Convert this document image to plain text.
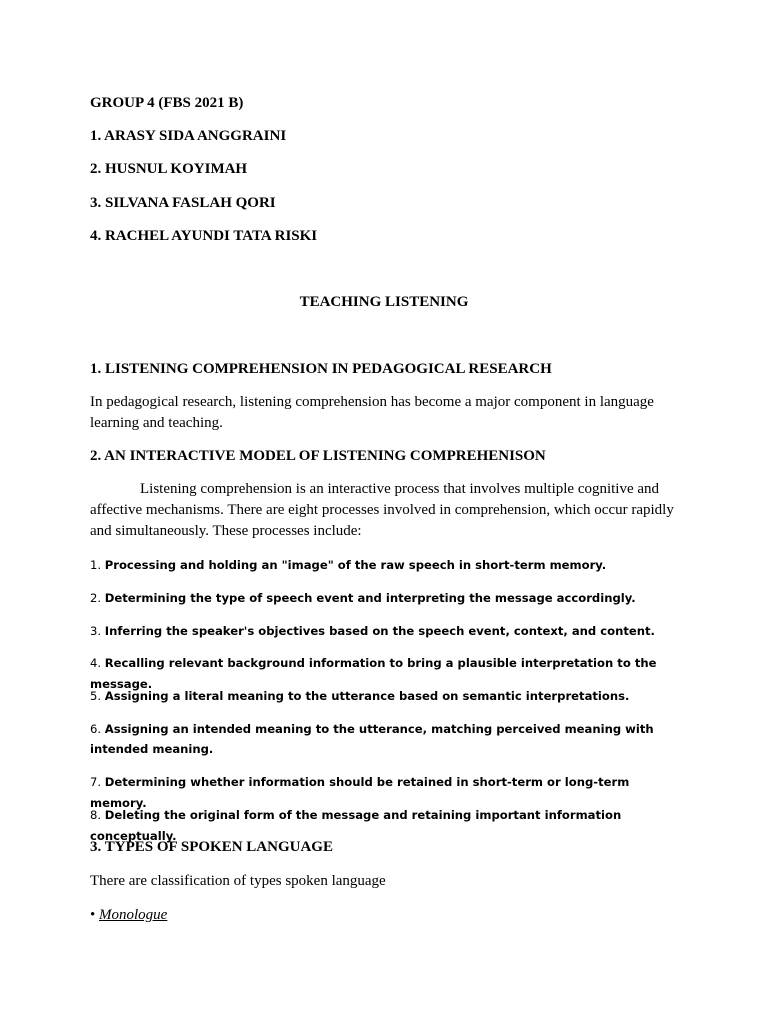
GROUP 4 (FBS 2021 B)
1. ARASY SIDA ANGGRAINI
2. HUSNUL KOYIMAH
3. SILVANA FASLAH QORI
4. RACHEL AYUNDI TATA RISKI
TEACHING LISTENING
1. LISTENING COMPREHENSION IN PEDAGOGICAL RESEARCH
In pedagogical research, listening comprehension has become a major component in language learning and teaching.
2. AN INTERACTIVE MODEL OF LISTENING COMPREHENISON
Listening comprehension is an interactive process that involves multiple cognitive and affective mechanisms. There are eight processes involved in comprehension, which occur rapidly and simultaneously. These processes include:
1. Processing and holding an "image" of the raw speech in short-term memory.
2. Determining the type of speech event and interpreting the message accordingly.
3. Inferring the speaker's objectives based on the speech event, context, and content.
4. Recalling relevant background information to bring a plausible interpretation to the message.
5. Assigning a literal meaning to the utterance based on semantic interpretations.
6. Assigning an intended meaning to the utterance, matching perceived meaning with intended meaning.
7. Determining whether information should be retained in short-term or long-term memory.
8. Deleting the original form of the message and retaining important information conceptually.
3. TYPES OF SPOKEN LANGUAGE
There are classification of types spoken language
• Monologue
